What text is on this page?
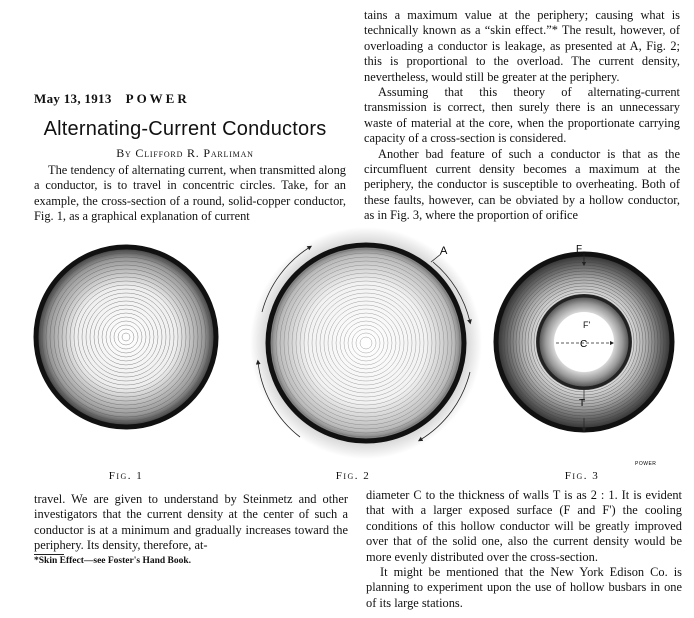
May 13, 1913 POWER
Alternating-Current Conductors
By Clifford R. Parliman

The tendency of alternating current, when transmitted along a conductor, is to travel in concentric circles. Take, for an example, the cross-section of a round, solid-copper conductor, Fig. 1, as a graphical explanation of current

tains a maximum value at the periphery; causing what is technically known as a “skin effect.”* The result, however, of overloading a conductor is leakage, as presented at A, Fig. 2; this is proportional to the overload. The current density, nevertheless, would still be greater at the periphery.

Assuming that this theory of alternating-current transmission is correct, then surely there is an unnecessary waste of material at the core, when the proportionate carrying capacity of a cross-section is considered.

Another bad feature of such a conductor is that as the circumfluent current density becomes a maximum at the periphery, the conductor is susceptible to overheating. Both of these faults, however, can be obviated by a hollow conductor, as in Fig. 3, where the proportion of orifice

A	F
F'
C
T
POWER
Fig. 1	Fig. 2	Fig. 3

travel. We are given to understand by Steinmetz and other investigators that the current density at the center of such a conductor is at a minimum and gradually increases toward the periphery. Its density, therefore, at-

*Skin Effect—see Foster's Hand Book.

diameter C to the thickness of walls T is as 2 : 1. It is evident that with a larger exposed surface (F and F') the cooling conditions of this hollow conductor will be greatly improved over that of the solid one, also the current density would be more evenly distributed over the cross-section.

It might be mentioned that the New York Edison Co. is planning to experiment upon the use of hollow busbars in one of its large stations.
